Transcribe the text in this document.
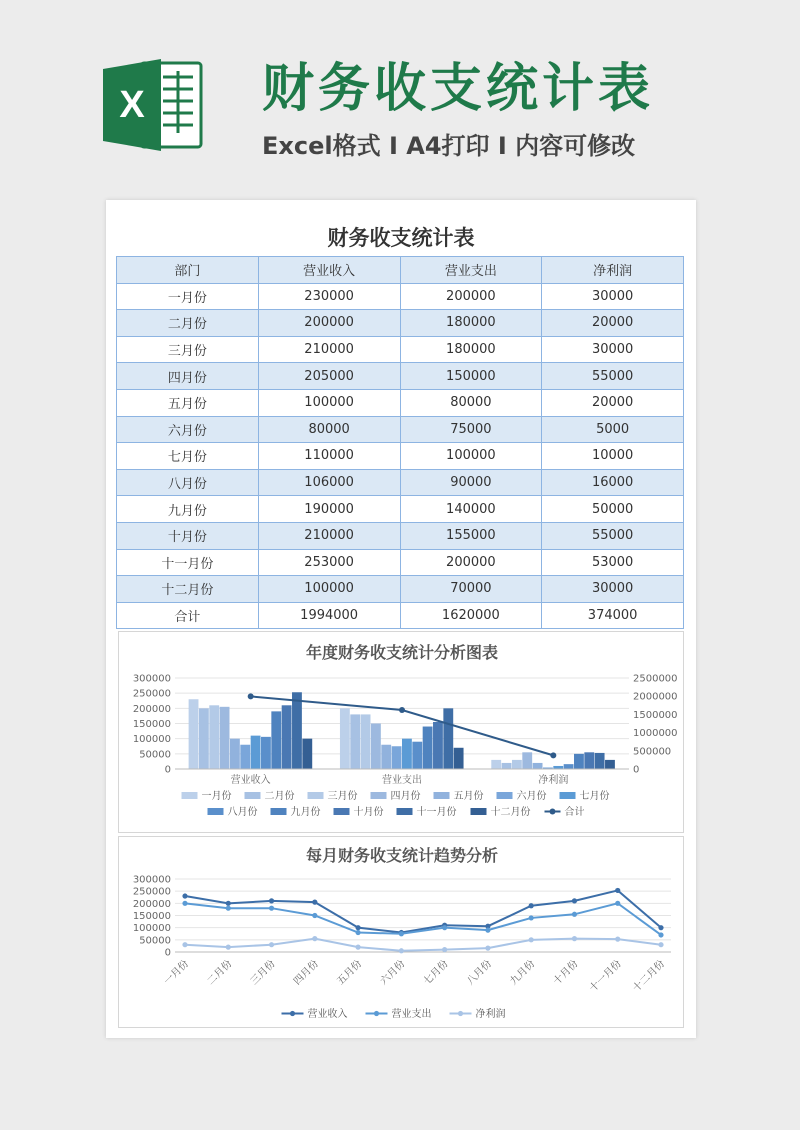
X 财务收支统计表
Excel格式 I A4打印 I 内容可修改
财务收支统计表
部门	营业收入	营业支出	净利润
一月份	230000	200000	30000
二月份	200000	180000	20000
三月份	210000	180000	30000
四月份	205000	150000	55000
五月份	100000	80000	20000
六月份	80000	75000	5000
七月份	110000	100000	10000
八月份	106000	90000	16000
九月份	190000	140000	50000
十月份	210000	155000	55000
十一月份	253000	200000	53000
十二月份	100000	70000	30000
合计	1994000	1620000	374000
年度财务收支统计分析图表
300000
250000
200000
150000
100000
50000
0
2500000
2000000
1500000
1000000
500000
0
营业收入	营业支出	净利润
一月份	二月份	三月份	四月份	五月份	六月份	七月份
八月份	九月份	十月份	十一月份	十二月份	合计
每月财务收支统计趋势分析
300000
250000
200000
150000
100000
50000
0
一月份 二月份 三月份 四月份 五月份 六月份 七月份 八月份 九月份 十月份 十一月份 十二月份
营业收入	营业支出	净利润
